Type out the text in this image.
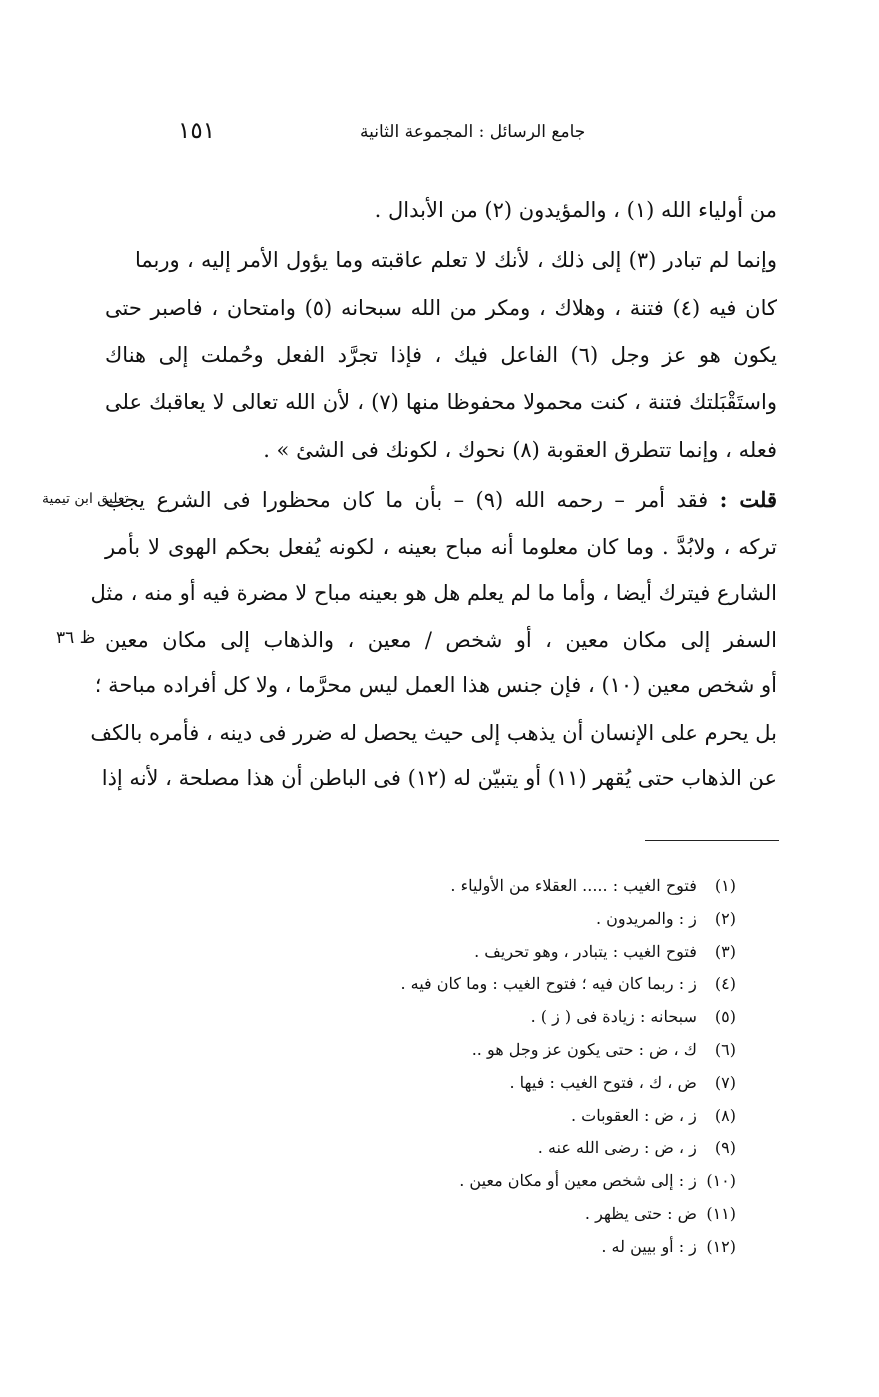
١٥١	جامع الرسائل : المجموعة الثانية
من أولياء الله (١) ، والمؤيدون (٢) من الأبدال .
وإنما لم تبادر (٣) إلى ذلك ، لأنك لا تعلم عاقبته وما يؤول الأمر إليه ، وربما
كان فيه (٤) فتنة ، وهلاك ، ومكر من الله سبحانه (٥) وامتحان ، فاصبر حتى
يكون هو عز وجل (٦) الفاعل فيك ، فإذا تجرَّد الفعل وحُملت إلى هناك
واستَقْبَلتك فتنة ، كنت محمولا محفوظا منها (٧) ، لأن الله تعالى لا يعاقبك على
فعله ، وإنما تتطرق العقوبة (٨) نحوك ، لكونك فى الشئ » .
قلت : فقد أمر – رحمه الله (٩) – بأن ما كان محظورا فى الشرع يجب
تعليق ابن تيمية
تركه ، ولابُدَّ . وما كان معلوما أنه مباح بعينه ، لكونه يُفعل بحكم الهوى لا بأمر
الشارع فيترك أيضا ، وأما ما لم يعلم هل هو بعينه مباح لا مضرة فيه أو منه ، مثل
السفر إلى مكان معين ، أو شخص / معين ، والذهاب إلى مكان معين
ظ ٣٦
أو شخص معين (١٠) ، فإن جنس هذا العمل ليس محرَّما ، ولا كل أفراده مباحة ؛
بل يحرم على الإنسان أن يذهب إلى حيث يحصل له ضرر فى دينه ، فأمره بالكف
عن الذهاب حتى يُقهر (١١) أو يتبيّن له (١٢) فى الباطن أن هذا مصلحة ، لأنه إذا
(١) فتوح الغيب : ..... العقلاء من الأولياء .
(٢) ز : والمريدون .
(٣) فتوح الغيب : يتبادر ، وهو تحريف .
(٤) ز : ربما كان فيه ؛ فتوح الغيب : وما كان فيه .
(٥) سبحانه : زيادة فى ( ز ) .
(٦) ك ، ض : حتى يكون عز وجل هو ..
(٧) ض ، ك ، فتوح الغيب : فيها .
(٨) ز ، ض : العقوبات .
(٩) ز ، ض : رضى الله عنه .
(١٠) ز : إلى شخص معين أو مكان معين .
(١١) ض : حتى يظهر .
(١٢) ز : أو بيين له .
